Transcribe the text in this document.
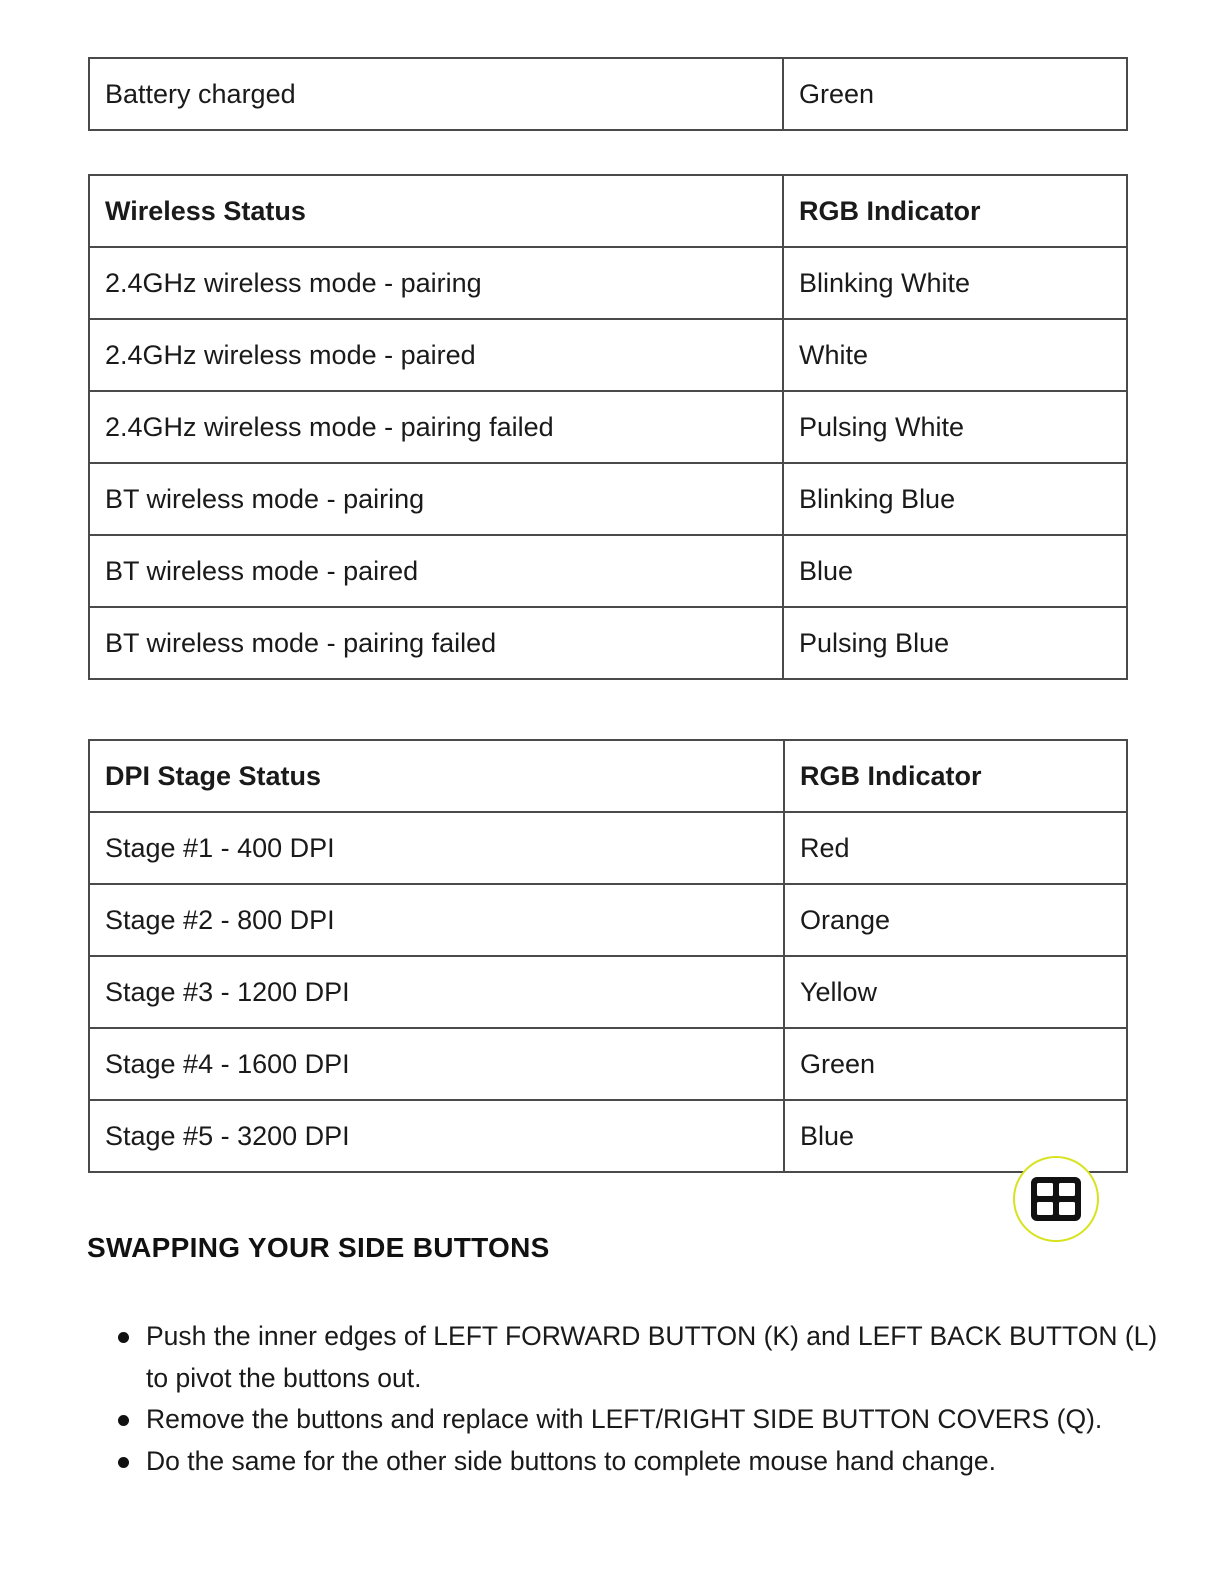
Battery charged	Green
Wireless Status	RGB Indicator
2.4GHz wireless mode - pairing	Blinking White
2.4GHz wireless mode - paired	White
2.4GHz wireless mode - pairing failed	Pulsing White
BT wireless mode - pairing	Blinking Blue
BT wireless mode - paired	Blue
BT wireless mode - pairing failed	Pulsing Blue
DPI Stage Status	RGB Indicator
Stage #1 - 400 DPI	Red
Stage #2 - 800 DPI	Orange
Stage #3 - 1200 DPI	Yellow
Stage #4 - 1600 DPI	Green
Stage #5 - 3200 DPI	Blue
SWAPPING YOUR SIDE BUTTONS
Push the inner edges of LEFT FORWARD BUTTON (K) and LEFT BACK BUTTON (L) to pivot the buttons out.
Remove the buttons and replace with LEFT/RIGHT SIDE BUTTON COVERS (Q).
Do the same for the other side buttons to complete mouse hand change.
